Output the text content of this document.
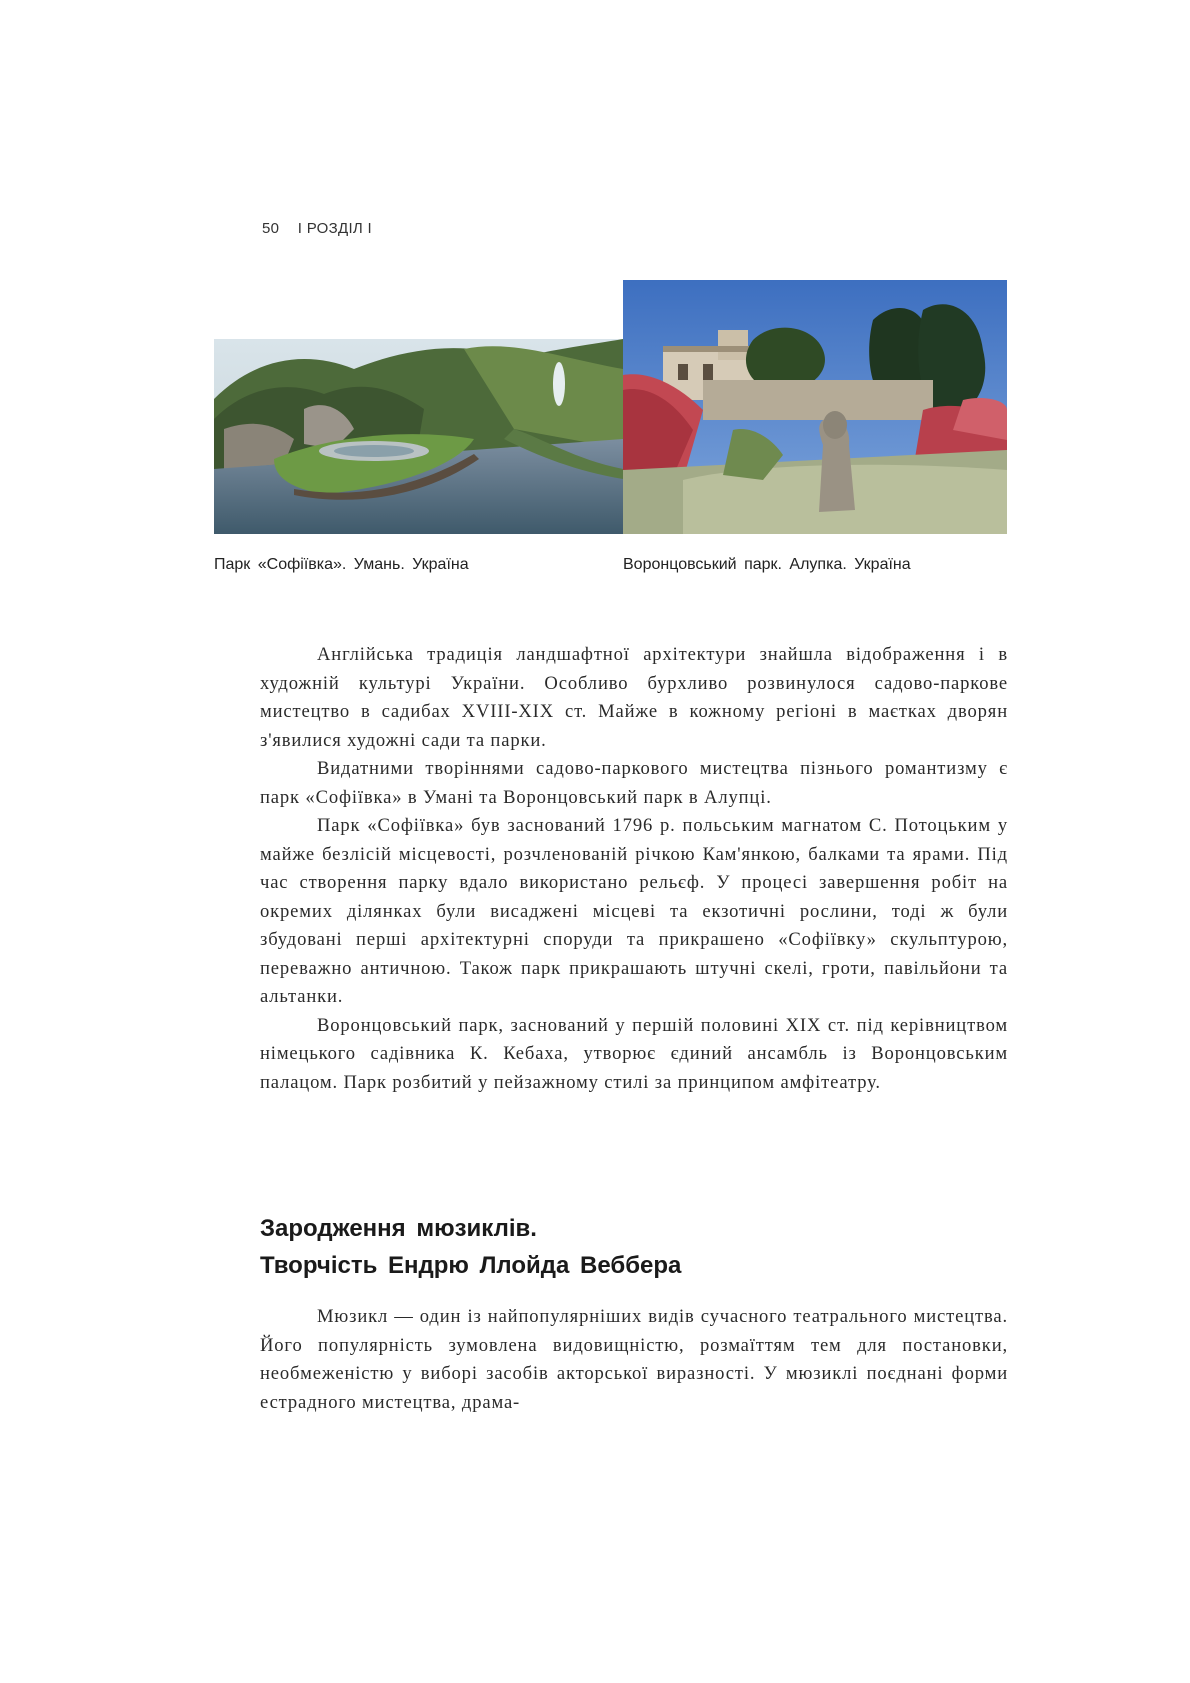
50 I РОЗДІЛ I
Парк «Софіївка». Умань. Україна	Воронцовський парк. Алупка. Україна

Англійська традиція ландшафтної архітектури знайшла відображення і в художній культурі України. Особливо бурхливо розвинулося садово-паркове мистецтво в садибах XVIII-XIX ст. Майже в кожному регіоні в маєтках дворян з'явилися художні сади та парки.

Видатними творіннями садово-паркового мистецтва пізнього романтизму є парк «Софіївка» в Умані та Воронцовський парк в Алупці.

Парк «Софіївка» був заснований 1796 р. польським магнатом С. Потоцьким у майже безлісій місцевості, розчленованій річкою Кам'янкою, балками та ярами. Під час створення парку вдало використано рельєф. У процесі завершення робіт на окремих ділянках були висаджені місцеві та екзотичні рослини, тоді ж були збудовані перші архітектурні споруди та прикрашено «Софіївку» скульптурою, переважно античною. Також парк прикрашають штучні скелі, гроти, павільйони та альтанки.

Воронцовський парк, заснований у першій половині XIX ст. під керівництвом німецького садівника К. Кебаха, утворює єдиний ансамбль із Воронцовським палацом. Парк розбитий у пейзажному стилі за принципом амфітеатру.

Зародження мюзиклів.
Творчість Ендрю Ллойда Веббера

Мюзикл — один із найпопулярніших видів сучасного театрального мистецтва. Його популярність зумовлена видовищністю, розмаїттям тем для постановки, необмеженістю у виборі засобів акторської виразності. У мюзиклі поєднані форми естрадного мистецтва, драма-
